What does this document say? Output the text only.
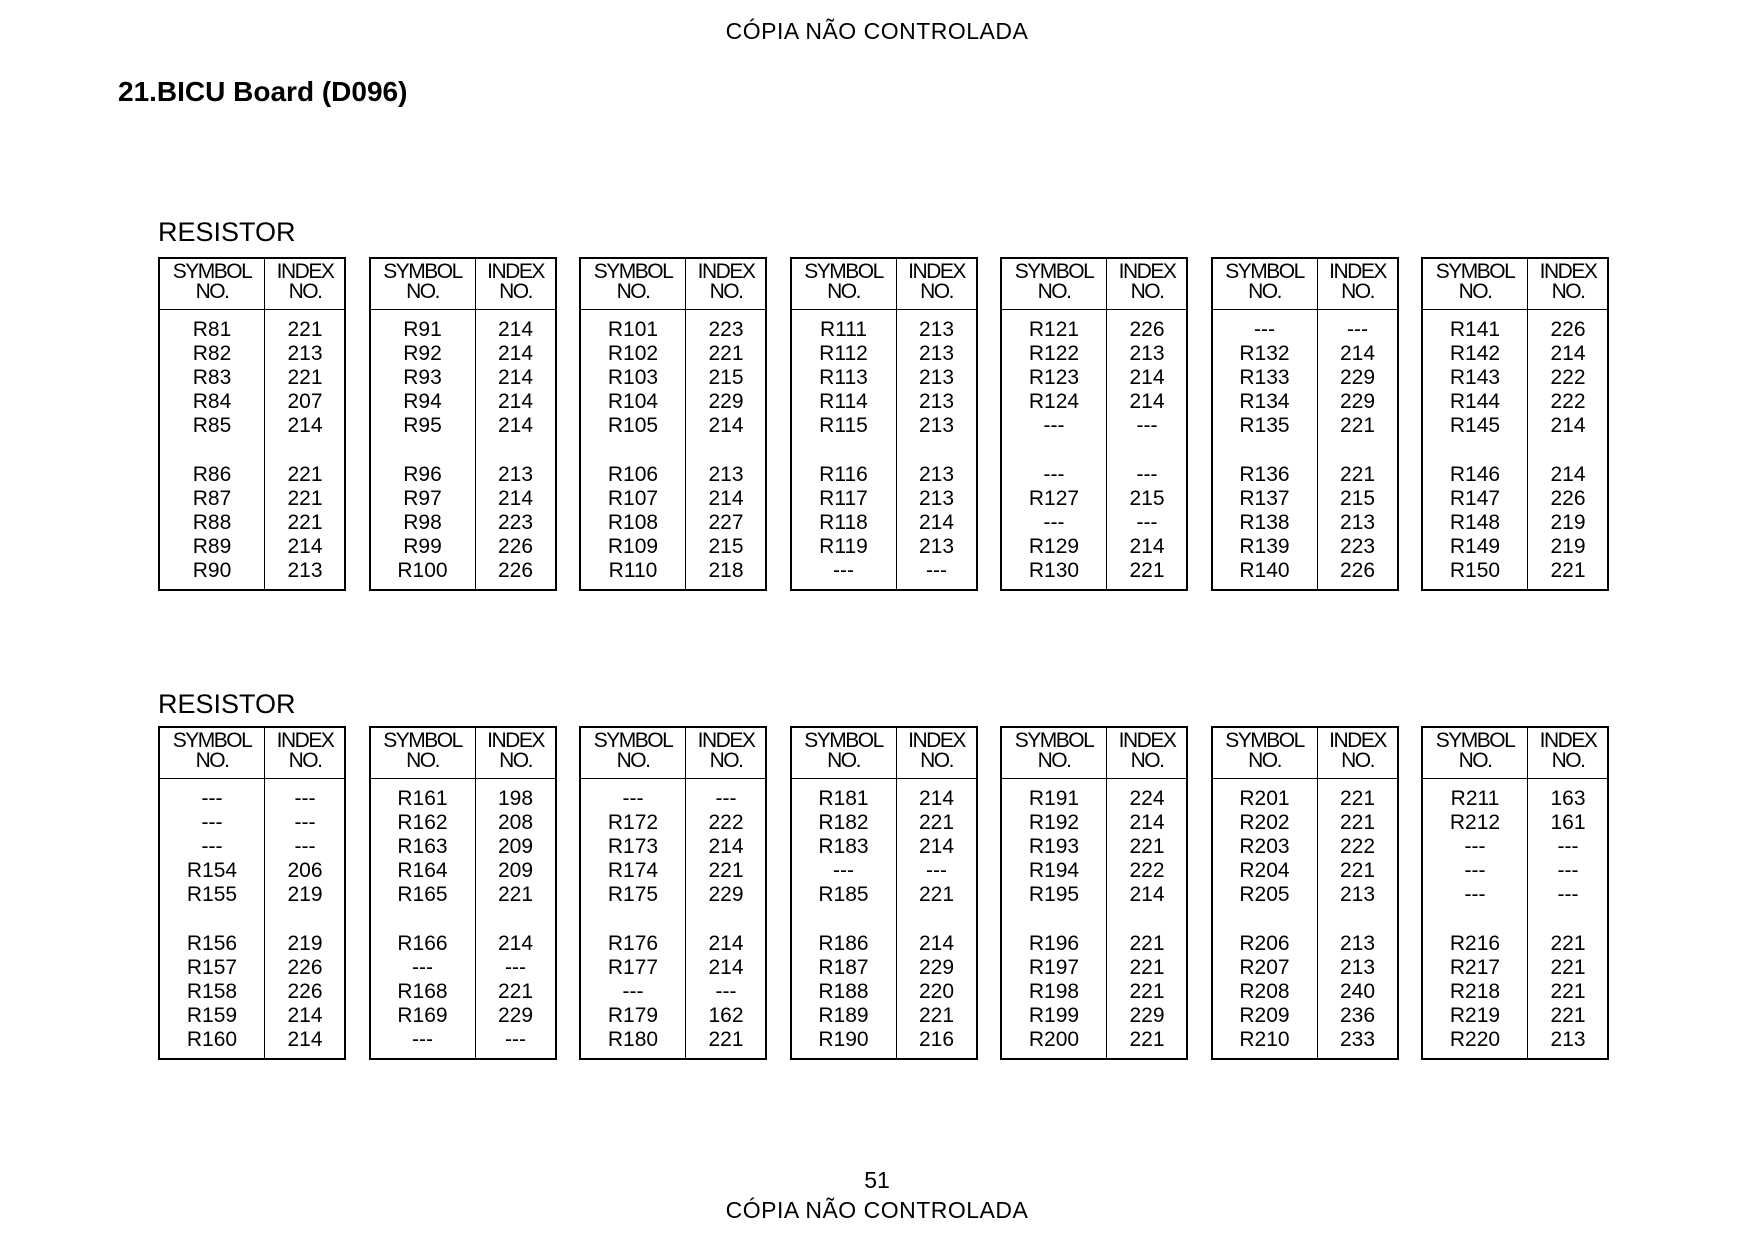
CÓPIA NÃO CONTROLADA
21.BICU Board (D096)
RESISTOR
SYMBOL
NO.
INDEX
NO.
R81	221
R82	213
R83	221
R84	207
R85	214
R86	221
R87	221
R88	221
R89	214
R90	213
SYMBOL
NO.
INDEX
NO.
R91	214
R92	214
R93	214
R94	214
R95	214
R96	213
R97	214
R98	223
R99	226
R100	226
SYMBOL
NO.
INDEX
NO.
R101	223
R102	221
R103	215
R104	229
R105	214
R106	213
R107	214
R108	227
R109	215
R110	218
SYMBOL
NO.
INDEX
NO.
R111	213
R112	213
R113	213
R114	213
R115	213
R116	213
R117	213
R118	214
R119	213
---	---
SYMBOL
NO.
INDEX
NO.
R121	226
R122	213
R123	214
R124	214
---	---
---	---
R127	215
---	---
R129	214
R130	221
SYMBOL
NO.
INDEX
NO.
---	---
R132	214
R133	229
R134	229
R135	221
R136	221
R137	215
R138	213
R139	223
R140	226
SYMBOL
NO.
INDEX
NO.
R141	226
R142	214
R143	222
R144	222
R145	214
R146	214
R147	226
R148	219
R149	219
R150	221
RESISTOR
SYMBOL
NO.
INDEX
NO.
---	---
---	---
---	---
R154	206
R155	219
R156	219
R157	226
R158	226
R159	214
R160	214
SYMBOL
NO.
INDEX
NO.
R161	198
R162	208
R163	209
R164	209
R165	221
R166	214
---	---
R168	221
R169	229
---	---
SYMBOL
NO.
INDEX
NO.
---	---
R172	222
R173	214
R174	221
R175	229
R176	214
R177	214
---	---
R179	162
R180	221
SYMBOL
NO.
INDEX
NO.
R181	214
R182	221
R183	214
---	---
R185	221
R186	214
R187	229
R188	220
R189	221
R190	216
SYMBOL
NO.
INDEX
NO.
R191	224
R192	214
R193	221
R194	222
R195	214
R196	221
R197	221
R198	221
R199	229
R200	221
SYMBOL
NO.
INDEX
NO.
R201	221
R202	221
R203	222
R204	221
R205	213
R206	213
R207	213
R208	240
R209	236
R210	233
SYMBOL
NO.
INDEX
NO.
R211	163
R212	161
---	---
---	---
---	---
R216	221
R217	221
R218	221
R219	221
R220	213
51
CÓPIA NÃO CONTROLADA
